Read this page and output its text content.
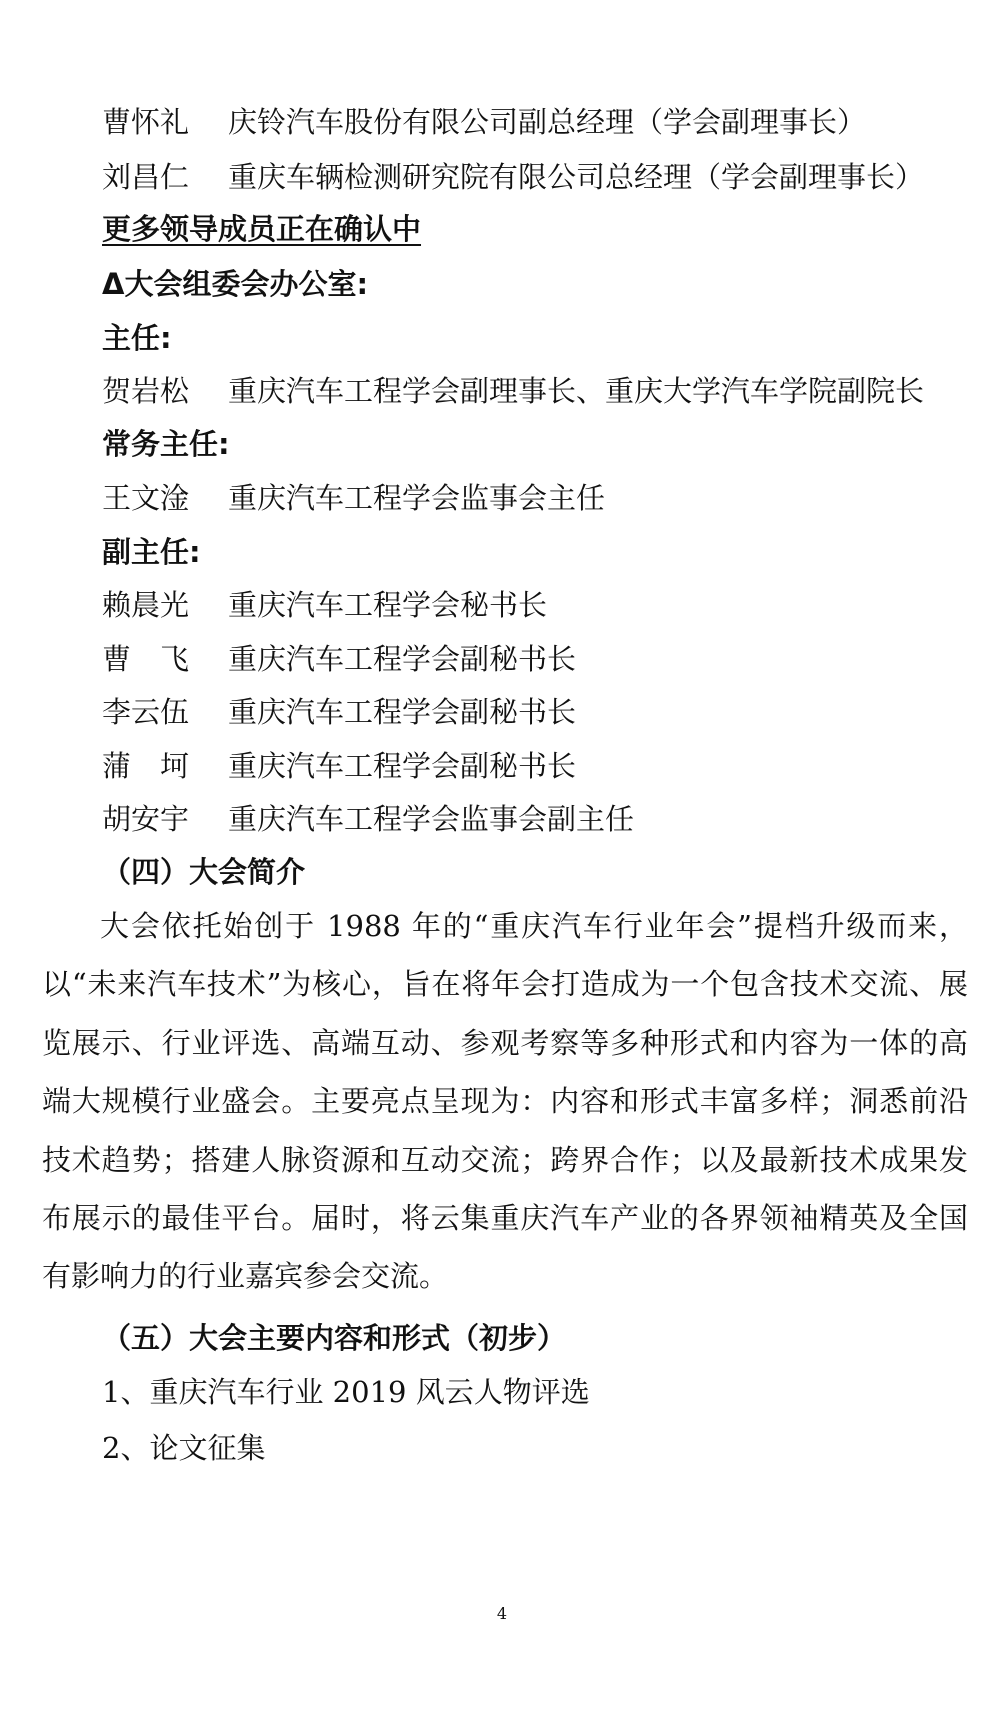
曹怀礼 庆铃汽车股份有限公司副总经理（学会副理事长）
刘昌仁 重庆车辆检测研究院有限公司总经理（学会副理事长）
更多领导成员正在确认中
Δ大会组委会办公室:
主任:
贺岩松 重庆汽车工程学会副理事长、重庆大学汽车学院副院长
常务主任:
王文淦 重庆汽车工程学会监事会主任
副主任:
赖晨光 重庆汽车工程学会秘书长
曹　飞 重庆汽车工程学会副秘书长
李云伍 重庆汽车工程学会副秘书长
蒲　坷 重庆汽车工程学会副秘书长
胡安宇 重庆汽车工程学会监事会副主任
（四）大会简介
大会依托始创于 1988 年的“重庆汽车行业年会”提档升级而来，以“未来汽车技术”为核心，旨在将年会打造成为一个包含技术交流、展览展示、行业评选、高端互动、参观考察等多种形式和内容为一体的高端大规模行业盛会。主要亮点呈现为：内容和形式丰富多样；洞悉前沿技术趋势；搭建人脉资源和互动交流；跨界合作；以及最新技术成果发布展示的最佳平台。届时，将云集重庆汽车产业的各界领袖精英及全国有影响力的行业嘉宾参会交流。
（五）大会主要内容和形式（初步）
1、重庆汽车行业 2019 风云人物评选
2、论文征集
4
